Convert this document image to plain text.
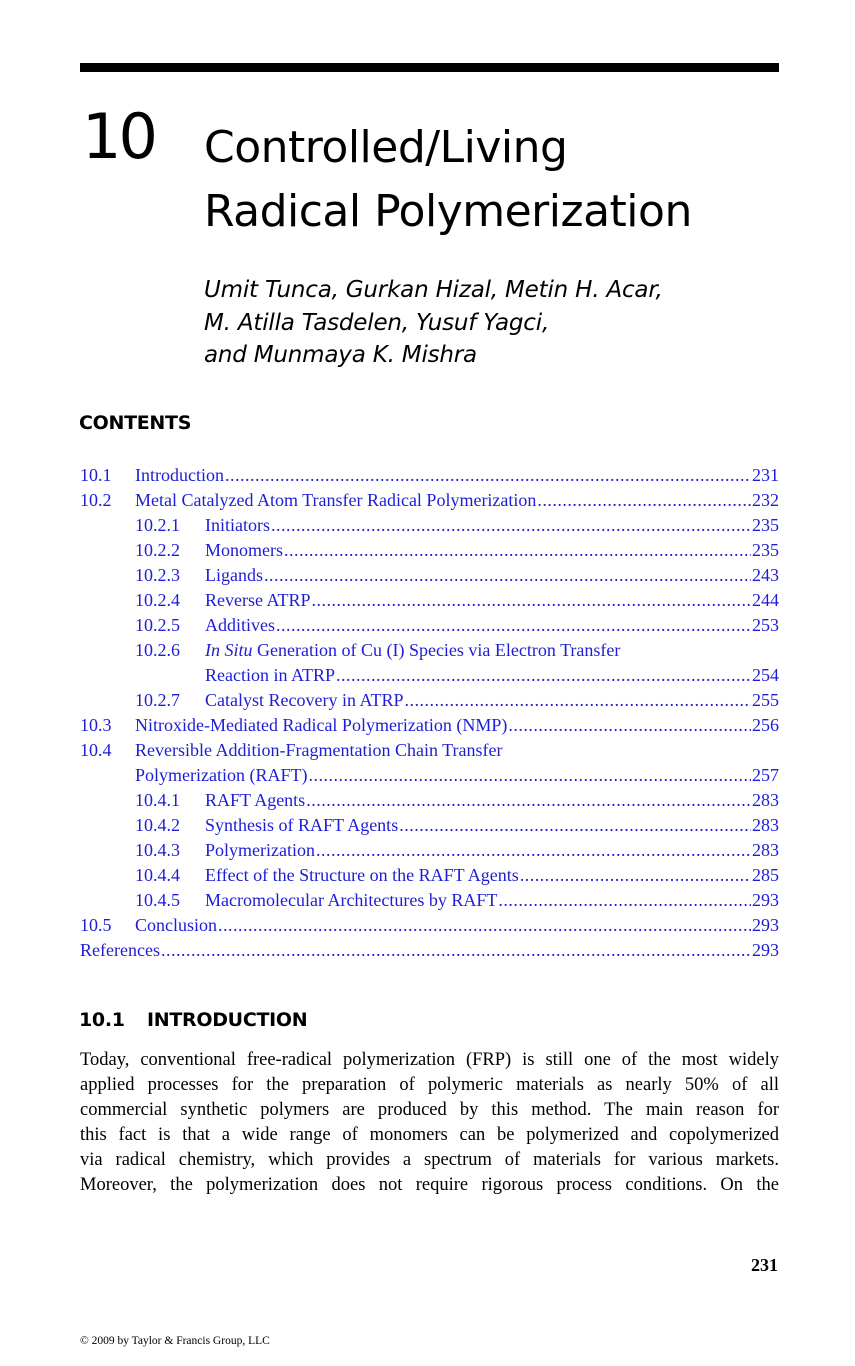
10 Controlled/Living
Radical Polymerization
Umit Tunca, Gurkan Hizal, Metin H. Acar,
M. Atilla Tasdelen, Yusuf Yagci,
and Munmaya K. Mishra
CONTENTS
10.1 Introduction .....	231
10.2 Metal Catalyzed Atom Transfer Radical Polymerization .....	232
10.2.1 Initiators .....	235
10.2.2 Monomers .....	235
10.2.3 Ligands .....	243
10.2.4 Reverse ATRP .....	244
10.2.5 Additives .....	253
10.2.6 In Situ Generation of Cu (I) Species via Electron Transfer
Reaction in ATRP .....	254
10.2.7 Catalyst Recovery in ATRP .....	255
10.3 Nitroxide-Mediated Radical Polymerization (NMP) .....	256
10.4 Reversible Addition-Fragmentation Chain Transfer
Polymerization (RAFT) .....	257
10.4.1 RAFT Agents .....	283
10.4.2 Synthesis of RAFT Agents .....	283
10.4.3 Polymerization .....	283
10.4.4 Effect of the Structure on the RAFT Agents .....	285
10.4.5 Macromolecular Architectures by RAFT .....	293
10.5 Conclusion .....	293
References .....	293
10.1 INTRODUCTION
Today, conventional free-radical polymerization (FRP) is still one of the most widely
applied processes for the preparation of polymeric materials as nearly 50% of all
commercial synthetic polymers are produced by this method. The main reason for
this fact is that a wide range of monomers can be polymerized and copolymerized
via radical chemistry, which provides a spectrum of materials for various markets.
Moreover, the polymerization does not require rigorous process conditions. On the
231
© 2009 by Taylor & Francis Group, LLC
